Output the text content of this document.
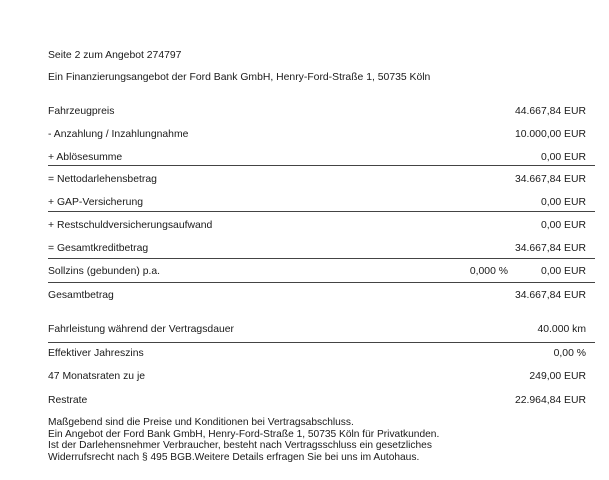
Seite 2 zum Angebot 274797
Ein Finanzierungsangebot der Ford Bank GmbH, Henry-Ford-Straße 1, 50735 Köln
Fahrzeugpreis	44.667,84 EUR
- Anzahlung / Inzahlungnahme	10.000,00 EUR
+ Ablösesumme	0,00 EUR
= Nettodarlehensbetrag	34.667,84 EUR
+ GAP-Versicherung	0,00 EUR
+ Restschuldversicherungsaufwand	0,00 EUR
= Gesamtkreditbetrag	34.667,84 EUR
Sollzins (gebunden) p.a.	0,000 %	0,00 EUR
Gesamtbetrag	34.667,84 EUR
Fahrleistung während der Vertragsdauer	40.000 km
Effektiver Jahreszins	0,00 %
47 Monatsraten zu je	249,00 EUR
Restrate	22.964,84 EUR
Maßgebend sind die Preise und Konditionen bei Vertragsabschluss.
Ein Angebot der Ford Bank GmbH, Henry-Ford-Straße 1, 50735 Köln für Privatkunden.
Ist der Darlehensnehmer Verbraucher, besteht nach Vertragsschluss ein gesetzliches
Widerrufsrecht nach § 495 BGB.Weitere Details erfragen Sie bei uns im Autohaus.
